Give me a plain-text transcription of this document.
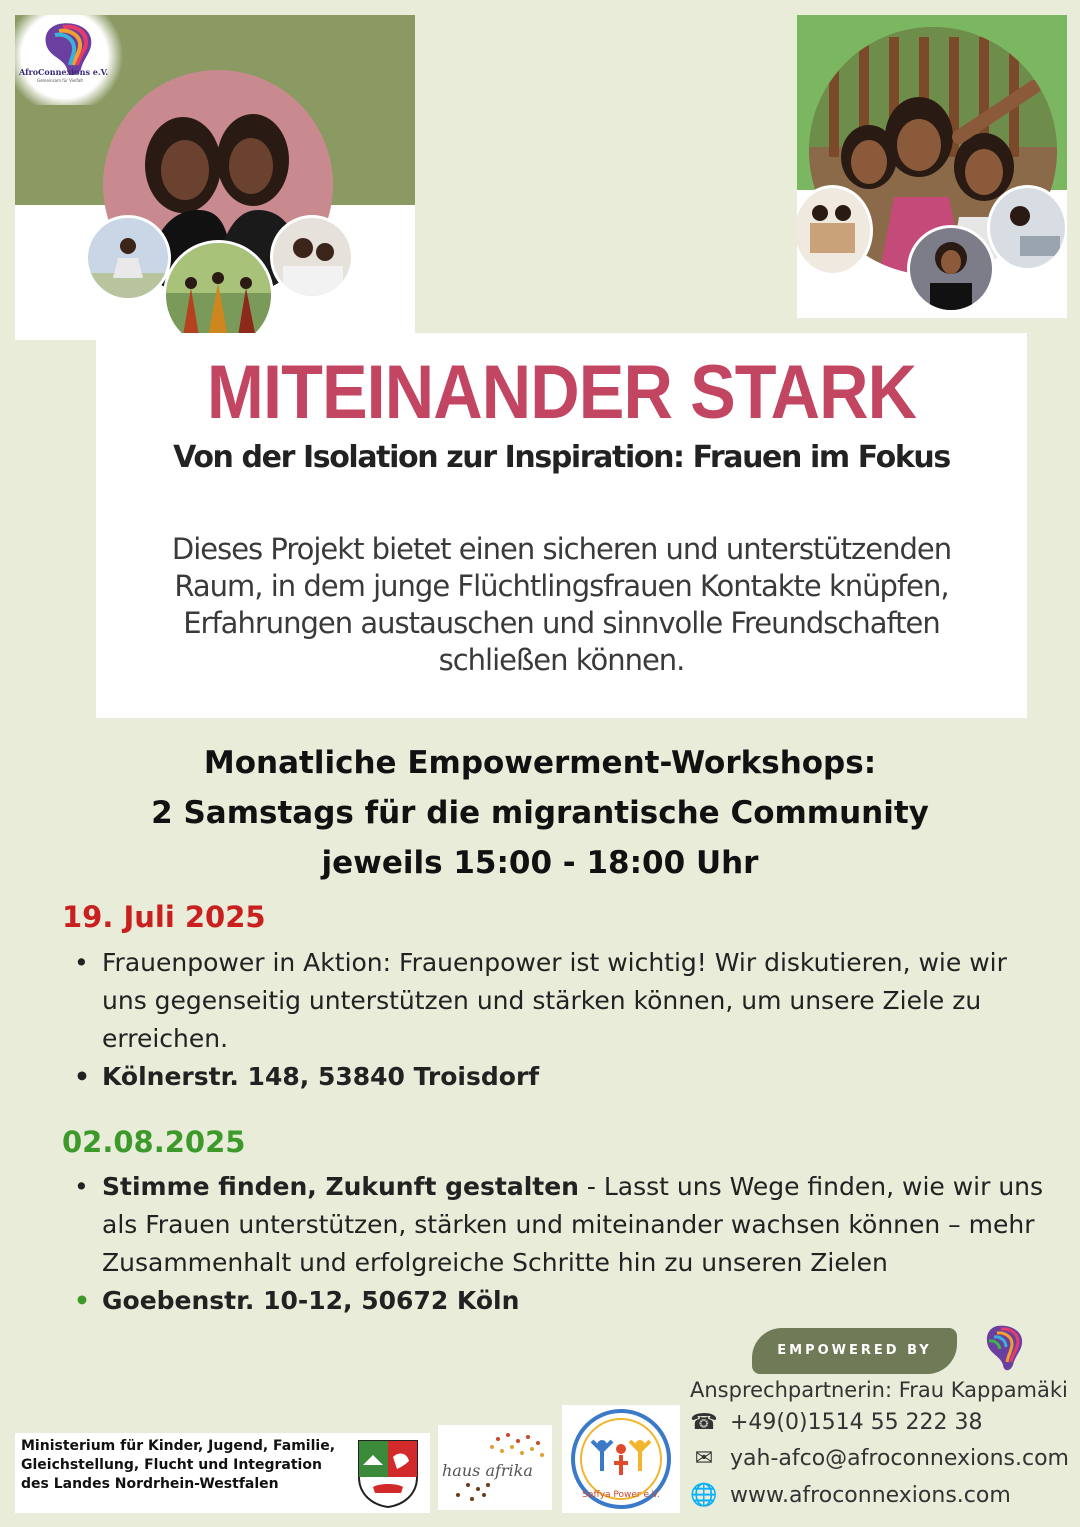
AfroConnexions e.V.
Gemeinsam für Vielfalt
MITEINANDER STARK

Von der Isolation zur Inspiration: Frauen im Fokus

Dieses Projekt bietet einen sicheren und unterstützenden Raum, in dem junge Flüchtlingsfrauen Kontakte knüpfen, Erfahrungen austauschen und sinnvolle Freundschaften schließen können.

Monatliche Empowerment-Workshops:
2 Samstags für die migrantische Community
jeweils 15:00 - 18:00 Uhr

19. Juli 2025

• Frauenpower in Aktion: Frauenpower ist wichtig! Wir diskutieren, wie wir uns gegenseitig unterstützen und stärken können, um unsere Ziele zu erreichen.
• Kölnerstr. 148, 53840 Troisdorf

02.08.2025

• Stimme finden, Zukunft gestalten - Lasst uns Wege finden, wie wir uns als Frauen unterstützen, stärken und miteinander wachsen können – mehr Zusammenhalt und erfolgreiche Schritte hin zu unseren Zielen
• Goebenstr. 10-12, 50672 Köln
EMPOWERED BY

Ansprechpartnerin: Frau Kappamäki

☎ +49(0)1514 55 222 38
✉ yah-afco@afroconnexions.com
🌐 www.afroconnexions.com

Ministerium für Kinder, Jugend, Familie, Gleichstellung, Flucht und Integration des Landes Nordrhein-Westfalen

haus afrika
Saffya Power e.V.
